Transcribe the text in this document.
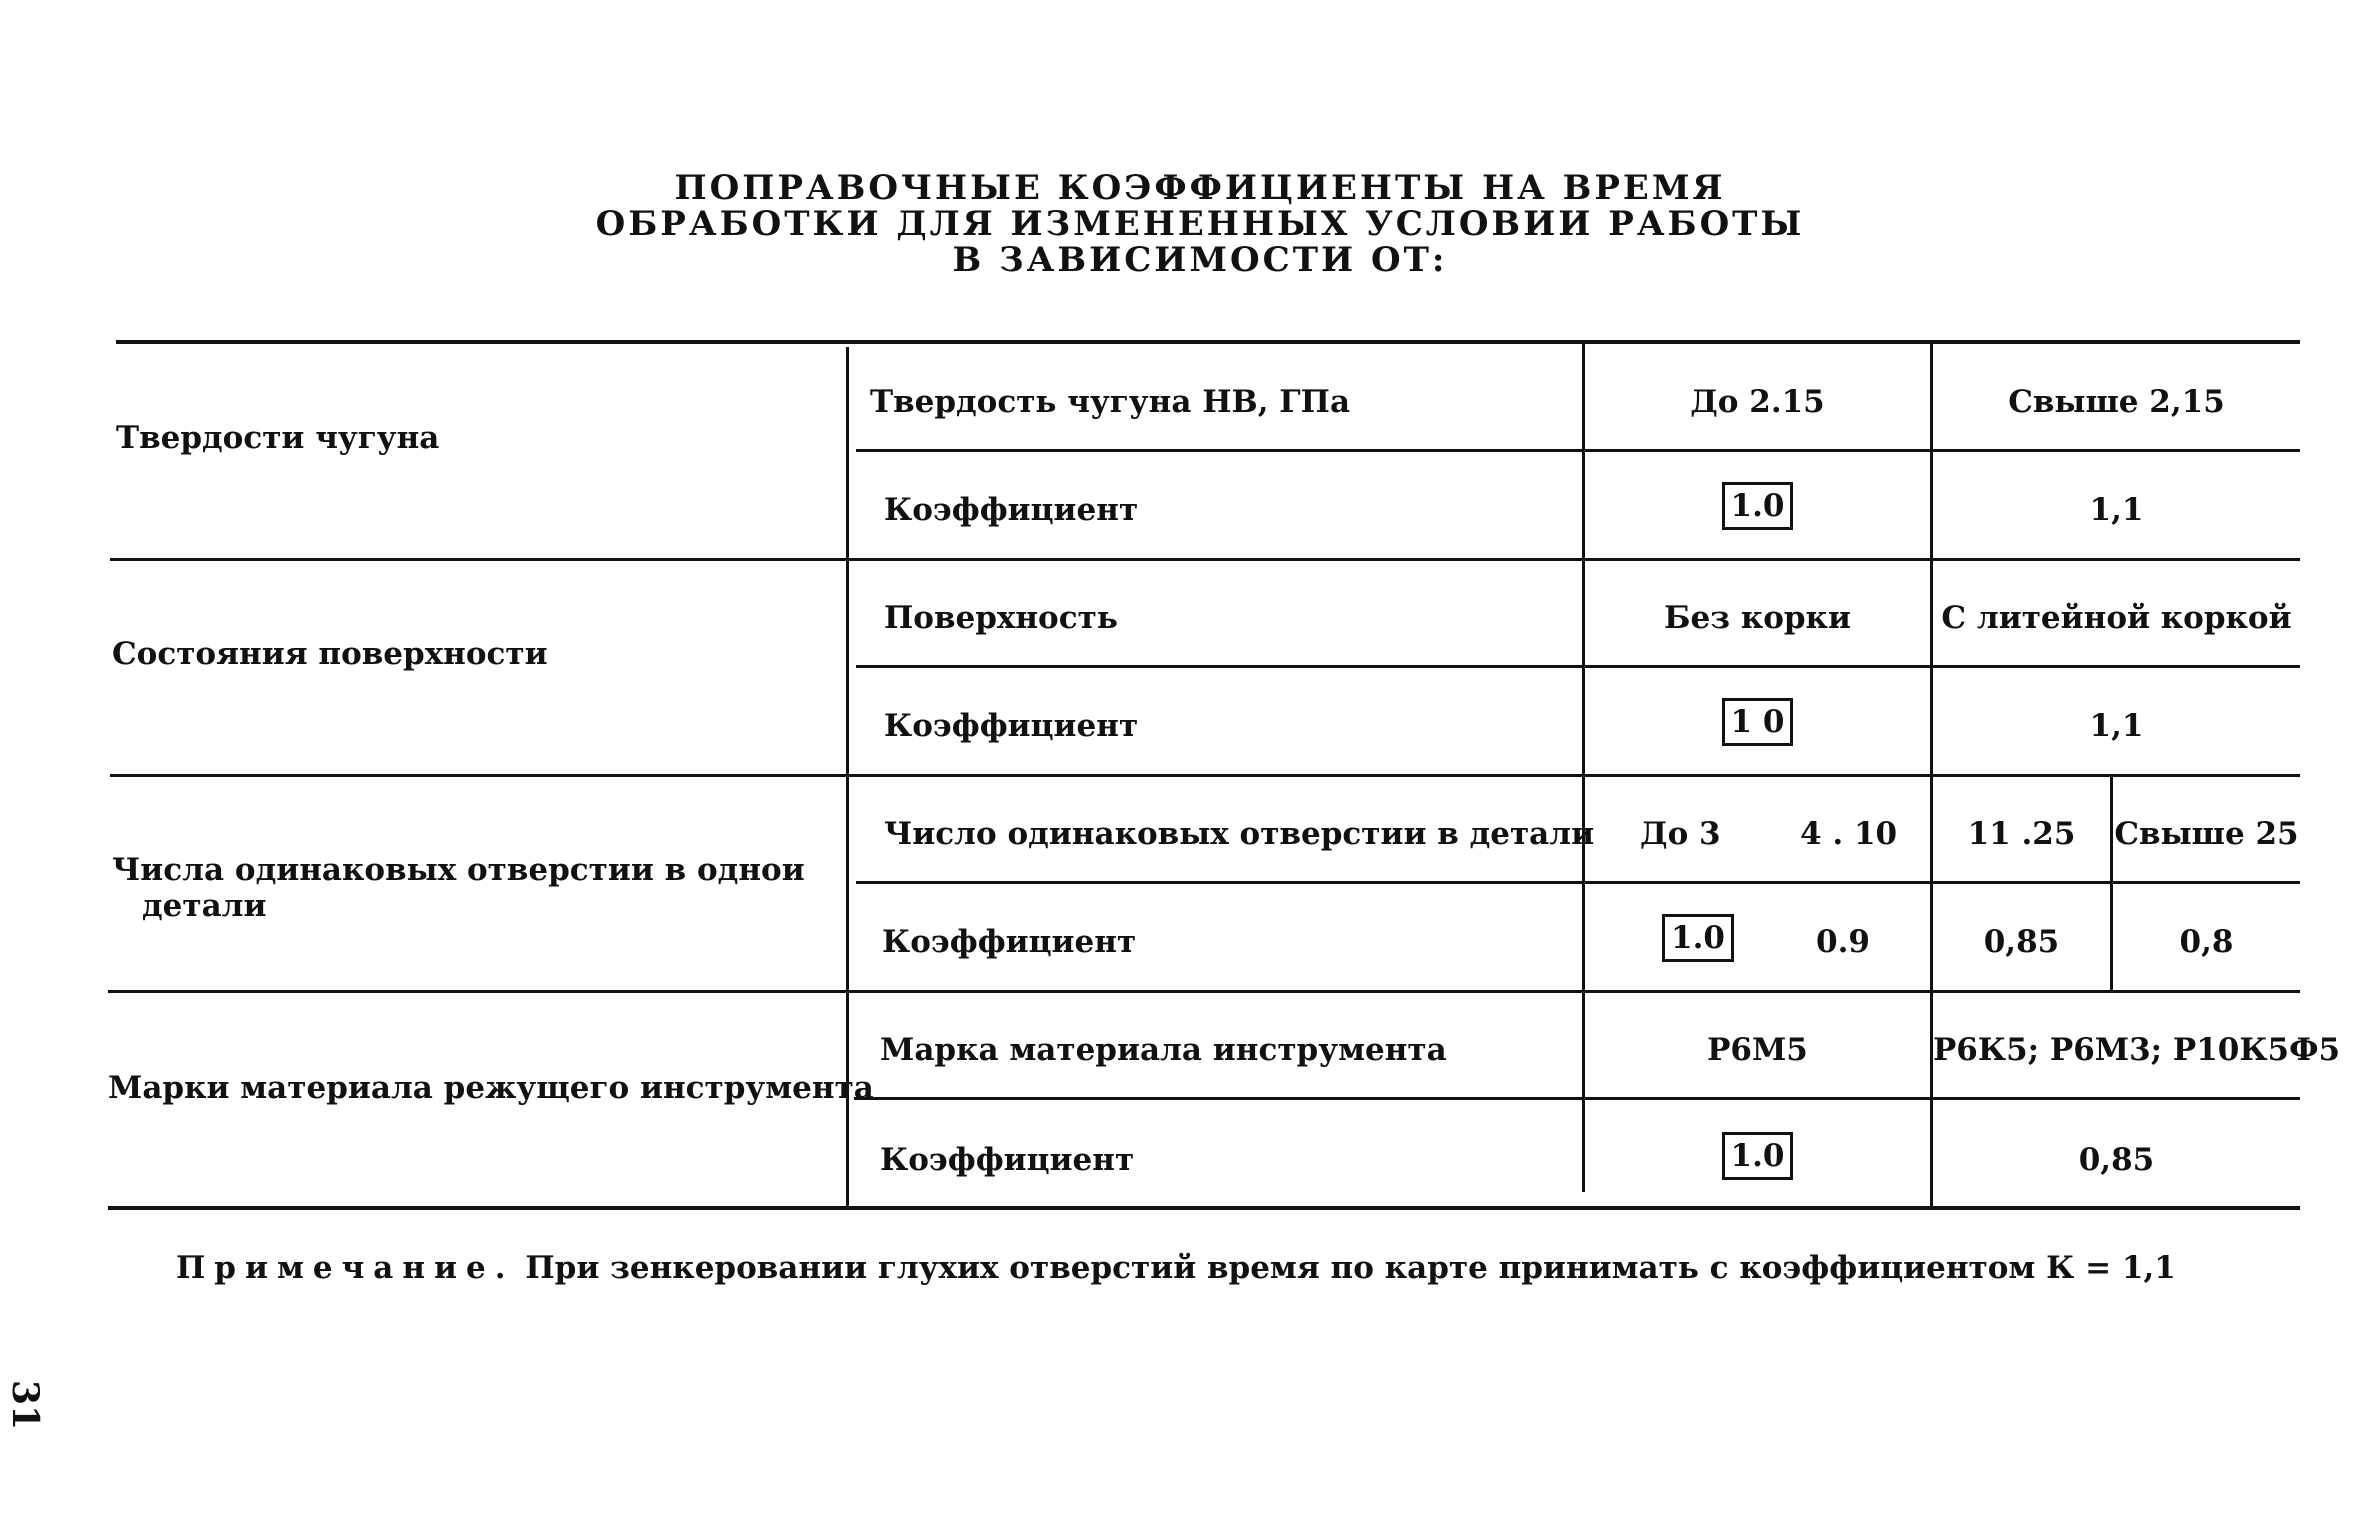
ПОПРАВОЧНЫЕ КОЭФФИЦИЕНТЫ НА ВРЕМЯ
ОБРАБОТКИ ДЛЯ ИЗМЕНЕННЫХ УСЛОВИИ РАБОТЫ
В ЗАВИСИМОСТИ ОТ:
Твердости чугуна
Твердость чугуна НВ, ГПа	До 2.15	Свыше 2,15
Коэффициент	1.0	1,1
Состояния поверхности
Поверхность	Без корки	С литейной коркой
Коэффициент	1 0	1,1
Числа одинаковых отверстии в однои
детали
Число одинаковых отверстии в детали До 3	4 . 10	11 .25	Свыше 25
Коэффициент	1.0	0.9	0,85	0,8
Марки материала режущего инструмента
Марка материала инструмента	Р6М5	Р6К5; Р6М3; Р10К5Ф5
Коэффициент	1.0	0,85
Примечание. При зенкеровании глухих отверстий время по карте принимать с коэффициентом К = 1,1
31
